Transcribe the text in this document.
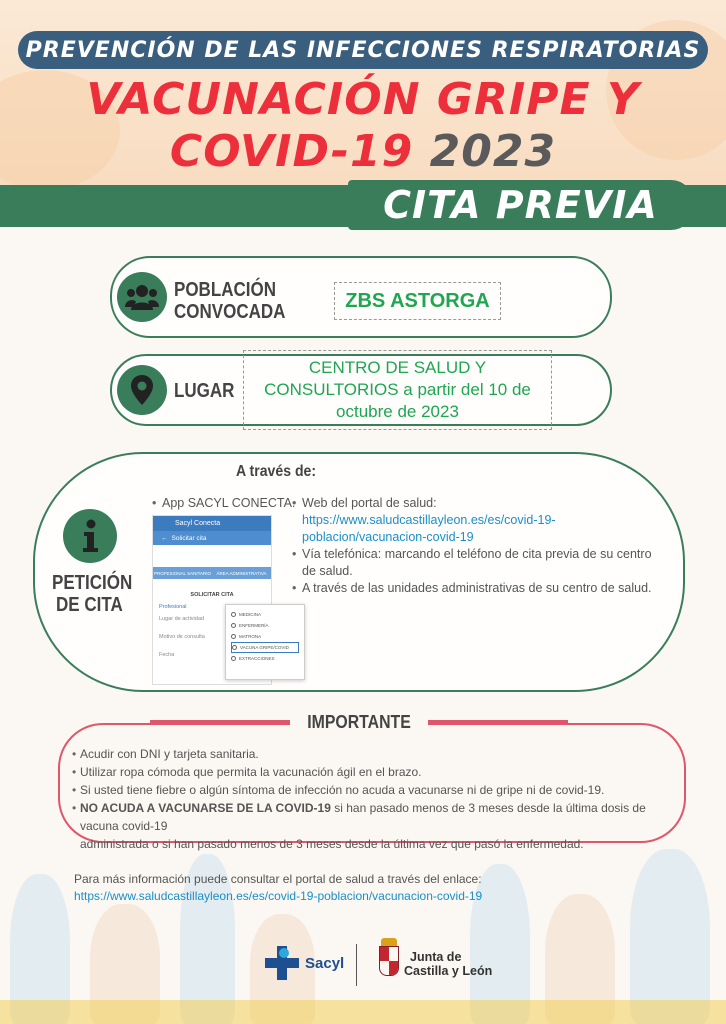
PREVENCIÓN DE LAS INFECCIONES RESPIRATORIAS
VACUNACIÓN GRIPE Y
COVID-19 2023
CITA PREVIA
POBLACIÓN
CONVOCADA
ZBS ASTORGA
LUGAR
CENTRO DE SALUD Y
CONSULTORIOS a partir del 10 de
octubre de 2023
PETICIÓN
DE CITA
A través de:
• App SACYL CONECTA.
Sacyl Conecta
← Solicitar cita
PROFESIONAL SANITARIO	ÁREA ADMINISTRATIVA
SOLICITAR CITA
Profesional
Lugar de actividad
Motivo de consulta
Fecha
MEDICINA
ENFERMERÍA
MATRONA
VACUNA GRIPE/COVID
EXTRACCIONES
• Web del portal de salud: https://www.saludcastillayleon.es/es/covid-19-
poblacion/vacunacion-covid-19
• Vía telefónica: marcando el teléfono de cita previa de su centro de salud.
• A través de las unidades administrativas de su centro de salud.
IMPORTANTE
• Acudir con DNI y tarjeta sanitaria.
• Utilizar ropa cómoda que permita la vacunación ágil en el brazo.
• Si usted tiene fiebre o algún síntoma de infección no acuda a vacunarse ni de gripe ni de covid-19.
• NO ACUDA A VACUNARSE DE LA COVID-19 si han pasado menos de 3 meses desde la última dosis de vacuna covid-19
administrada o si han pasado menos de 3 meses desde la última vez que pasó la enfermedad.
Para más información puede consultar el portal de salud a través del enlace:
https://www.saludcastillayleon.es/es/covid-19-poblacion/vacunacion-covid-19
Sacyl	Junta de
Castilla y León
